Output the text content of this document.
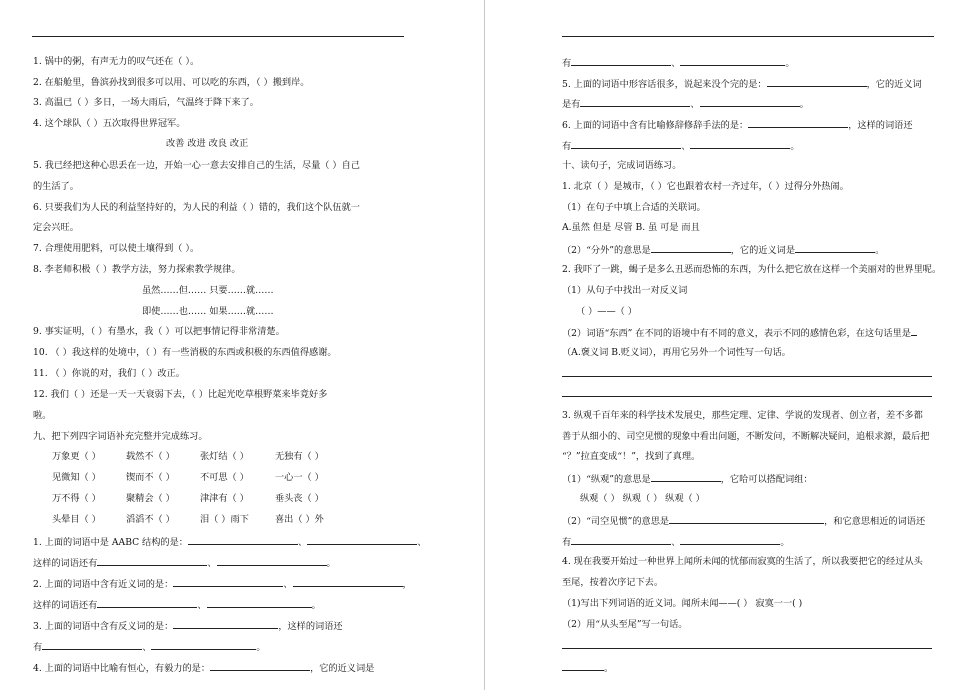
1. 锅中的粥，有声无力的叹气还在（ ）。
2. 在船舱里，鲁滨孙找到很多可以用、可以吃的东西，（ ）搬到岸。
3. 高温已（ ）多日，一场大雨后，气温终于降下来了。
4. 这个球队（ ）五次取得世界冠军。
改善 改进 改良 改正
5. 我已经把这种心思丢在一边，开始一心一意去安排自己的生活，尽量（ ）自己
的生活了。
6. 只要我们为人民的利益坚持好的，为人民的利益（ ）错的，我们这个队伍就一
定会兴旺。
7. 合理使用肥料，可以使土壤得到（ ）。
8. 李老师积极（ ）教学方法，努力探索教学规律。
虽然……但…… 只要……就……
即使……也…… 如果……就……
9. 事实证明，（ ）有墨水，我（ ）可以把事情记得非常清楚。
10. （ ）我这样的处境中，（ ）有一些消极的东西或积极的东西值得感谢。
11. （ ）你说的对，我们（ ）改正。
12. 我们（ ）还是一天一天衰弱下去，（ ）比起光吃草根野菜来毕竟好多
啦。
九、把下列四字词语补充完整并完成练习。
万象更（ ）	载然不（ ）	张灯结（ ）	无独有（ ）
见微知（ ）	锲而不（ ）	不可思（ ）	一心一（ ）
万不得（ ）	聚精会（ ）	津津有（ ）	垂头丧（ ）
头晕目（ ）	滔滔不（ ）	泪（ ）雨下	喜出（ ）外
1. 上面的词语中是 AABC 结构的是：	、	、
这样的词语还有	、	。
2. 上面的词语中含有近义词的是：	、	，
这样的词语还有	、	。
3. 上面的词语中含有反义词的是：	，这样的词语还
有	、	。
4. 上面的词语中比喻有恒心，有毅力的是：	，它的近义词是
有	、	。
5. 上面的词语中形容话很多，说起来没个完的是：	，它的近义词
是有	、	。
6. 上面的词语中含有比喻修辞修辞手法的是：	，这样的词语还
有	、	。
十、读句子，完成词语练习。
1. 北京（ ）是城市，（ ）它也跟着农村一齐过年，（ ）过得分外热闹。
（1）在句子中填上合适的关联词。
A.虽然 但是 尽管 B. 虽 可是 而且
（2）“分外”的意思是	，它的近义词是	。
2. 我吓了一跳，蝎子是多么丑恶而恐怖的东西，为什么把它放在这样一个美丽对的世界里呢。
（1）从句子中找出一对反义词
（ ）——（ ）
（2）词语“东西” 在不同的语境中有不同的意义，表示不同的感情色彩，在这句话里是
（A.褒义词 B.贬义词），再用它另外一个词性写一句话。
3. 纵观千百年来的科学技术发展史，那些定理、定律、学说的发现者、创立者，差不多都
善于从细小的、司空见惯的现象中看出问题，不断发问，不断解决疑问，追根求源，最后把
“？”拉直变成“！”，找到了真理。
（1）“纵观”的意思是	，它哈可以搭配词组：
纵观（ ） 纵观（ ） 纵观（ ）
（2）“司空见惯”的意思是	，和它意思相近的词语还
有	、	。
4. 现在我要开始过一种世界上闻所未闻的忧郁而寂寞的生活了，所以我要把它的经过从头
至尾，按着次序记下去。
（1)写出下列词语的近义词。闻所未闻——( ） 寂寞一一( )
（2）用“从头至尾”写一句话。
。
